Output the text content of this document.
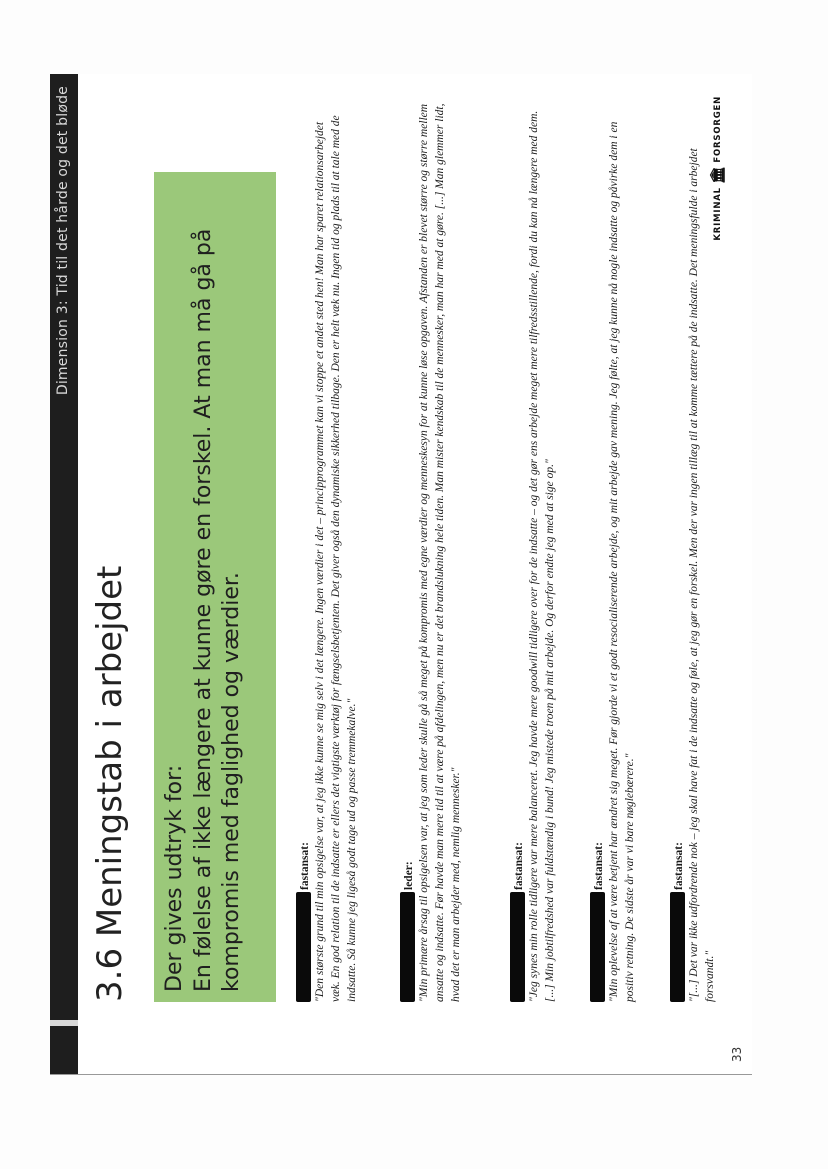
Dimension 3: Tid til det hårde og det bløde
3.6 Meningstab i arbejdet Der gives udtryk for: En følelse af ikke længere at kunne gøre en forskel. At man må gå på kompromis med faglighed og værdier.	fastansat: "Den største grund til min opsigelse var, at jeg ikke kunne se mig selv i det længere. Ingen værdier i det – principprogrammet kan vi stoppe et andet sted hen! Man har sparet relationsarbejdet væk. En god relation til de indsatte er ellers det vigtigste værktøj for fængselsbetjenten. Det giver også den dynamiske sikkerhed tilbage. Den er helt væk nu. Ingen tid og plads til at tale med de indsatte. Så kunne jeg ligeså godt tage ud og passe tremmekalve."	leder: "Min primære årsag til opsigelsen var, at jeg som leder skulle gå så meget på kompromis med egne værdier og menneskesyn for at kunne løse opgaven. Afstanden er blevet større og større mellem ansatte og indsatte. Før havde man mere tid til at være på afdelingen, men nu er det brandslukning hele tiden. Man mister kendskab til de mennesker, man har med at gøre. [...] Man glemmer lidt, hvad det er man arbejder med, nemlig mennesker."	fastansat: "Jeg synes min rolle tidligere var mere balanceret. Jeg havde mere goodwill tidligere over for de indsatte – og det gør ens arbejde meget mere tilfredsstillende, fordi du kan nå længere med dem. [...] Min jobtilfredshed var fuldstændig i bund! Jeg mistede troen på mit arbejde. Og derfor endte jeg med at sige op."	fastansat: "Min oplevelse af at være betjent har ændret sig meget. Før gjorde vi et godt resocialiserende arbejde, og mit arbejde gav mening. Jeg følte, at jeg kunne nå nogle indsatte og påvirke dem i en positiv retning. De sidste år var vi bare nøglebærere."	fastansat: "[...] Det var ikke udfordrende nok – jeg skal have fat i de indsatte og føle, at jeg gør en forskel. Men der var ingen tillæg til at komme tættere på de indsatte. Det meningsfulde i arbejdet forsvandt."
KRIMINAL🏛︎FORSORGEN
33
